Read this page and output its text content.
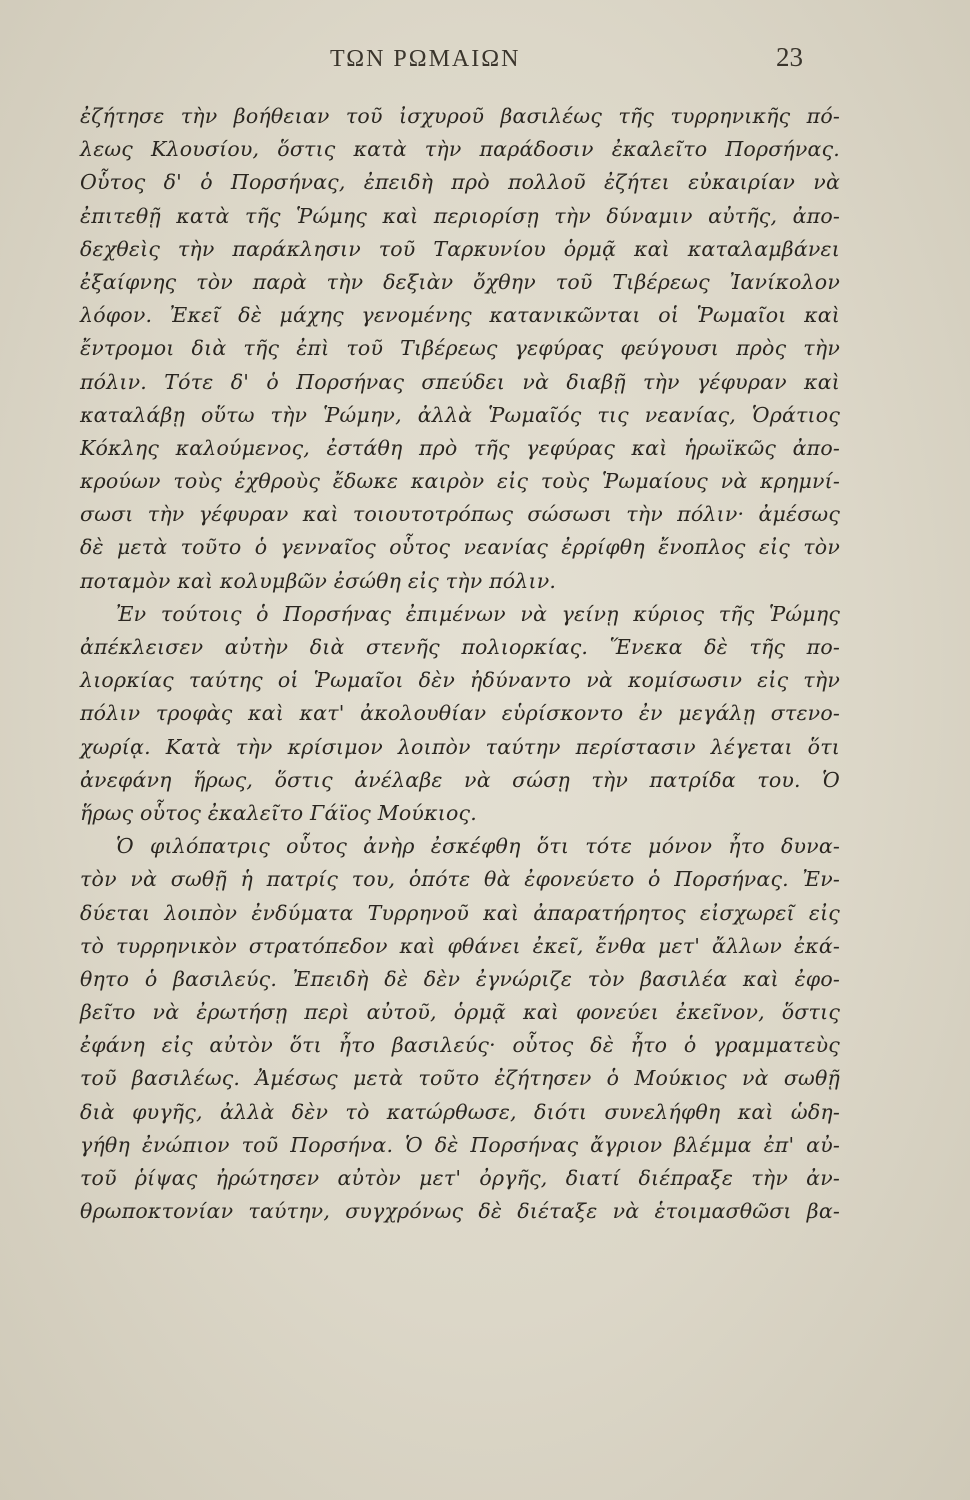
ΤΩΝ ΡΩΜΑΙΩΝ	23
ἐζήτησε τὴν βοήθειαν τοῦ ἰσχυροῦ βασιλέως τῆς τυρρηνικῆς πό-
λεως Κλουσίου, ὅστις κατὰ τὴν παράδοσιν ἐκαλεῖτο Πορσήνας.
Οὗτος δ' ὁ Πορσήνας, ἐπειδὴ πρὸ πολλοῦ ἐζήτει εὐκαιρίαν νὰ
ἐπιτεθῇ κατὰ τῆς Ῥώμης καὶ περιορίσῃ τὴν δύναμιν αὐτῆς, ἀπο-
δεχθεὶς τὴν παράκλησιν τοῦ Ταρκυνίου ὁρμᾷ καὶ καταλαμβάνει
ἐξαίφνης τὸν παρὰ τὴν δεξιὰν ὄχθην τοῦ Τιβέρεως Ἰανίκολον
λόφον. Ἐκεῖ δὲ μάχης γενομένης κατανικῶνται οἱ Ῥωμαῖοι καὶ
ἔντρομοι διὰ τῆς ἐπὶ τοῦ Τιβέρεως γεφύρας φεύγουσι πρὸς τὴν
πόλιν. Τότε δ' ὁ Πορσήνας σπεύδει νὰ διαβῇ τὴν γέφυραν καὶ
καταλάβῃ οὕτω τὴν Ῥώμην, ἀλλὰ Ῥωμαῖός τις νεανίας, Ὁράτιος
Κόκλης καλούμενος, ἐστάθη πρὸ τῆς γεφύρας καὶ ἡρωϊκῶς ἀπο-
κρούων τοὺς ἐχθροὺς ἔδωκε καιρὸν εἰς τοὺς Ῥωμαίους νὰ κρημνί-
σωσι τὴν γέφυραν καὶ τοιουτοτρόπως σώσωσι τὴν πόλιν· ἀμέσως
δὲ μετὰ τοῦτο ὁ γενναῖος οὗτος νεανίας ἐρρίφθη ἔνοπλος εἰς τὸν
ποταμὸν καὶ κολυμβῶν ἐσώθη εἰς τὴν πόλιν.
Ἐν τούτοις ὁ Πορσήνας ἐπιμένων νὰ γείνῃ κύριος τῆς Ῥώμης
ἀπέκλεισεν αὐτὴν διὰ στενῆς πολιορκίας. Ἕνεκα δὲ τῆς πο-
λιορκίας ταύτης οἱ Ῥωμαῖοι δὲν ἠδύναντο νὰ κομίσωσιν εἰς τὴν
πόλιν τροφὰς καὶ κατ' ἀκολουθίαν εὑρίσκοντο ἐν μεγάλῃ στενο-
χωρίᾳ. Κατὰ τὴν κρίσιμον λοιπὸν ταύτην περίστασιν λέγεται ὅτι
ἀνεφάνη ἥρως, ὅστις ἀνέλαβε νὰ σώσῃ τὴν πατρίδα του. Ὁ
ἥρως οὗτος ἐκαλεῖτο Γάϊος Μούκιος.
Ὁ φιλόπατρις οὗτος ἀνὴρ ἐσκέφθη ὅτι τότε μόνον ἦτο δυνα-
τὸν νὰ σωθῇ ἡ πατρίς του, ὁπότε θὰ ἐφονεύετο ὁ Πορσήνας. Ἐν-
δύεται λοιπὸν ἐνδύματα Τυρρηνοῦ καὶ ἀπαρατήρητος εἰσχωρεῖ εἰς
τὸ τυρρηνικὸν στρατόπεδον καὶ φθάνει ἐκεῖ, ἔνθα μετ' ἄλλων ἐκά-
θητο ὁ βασιλεύς. Ἐπειδὴ δὲ δὲν ἐγνώριζε τὸν βασιλέα καὶ ἐφο-
βεῖτο νὰ ἐρωτήσῃ περὶ αὐτοῦ, ὁρμᾷ καὶ φονεύει ἐκεῖνον, ὅστις
ἐφάνη εἰς αὐτὸν ὅτι ἦτο βασιλεύς· οὗτος δὲ ἦτο ὁ γραμματεὺς
τοῦ βασιλέως. Ἀμέσως μετὰ τοῦτο ἐζήτησεν ὁ Μούκιος νὰ σωθῇ
διὰ φυγῆς, ἀλλὰ δὲν τὸ κατώρθωσε, διότι συνελήφθη καὶ ὡδη-
γήθη ἐνώπιον τοῦ Πορσήνα. Ὁ δὲ Πορσήνας ἄγριον βλέμμα ἐπ' αὐ-
τοῦ ῥίψας ἠρώτησεν αὐτὸν μετ' ὀργῆς, διατί διέπραξε τὴν ἀν-
θρωποκτονίαν ταύτην, συγχρόνως δὲ διέταξε νὰ ἑτοιμασθῶσι βα-
